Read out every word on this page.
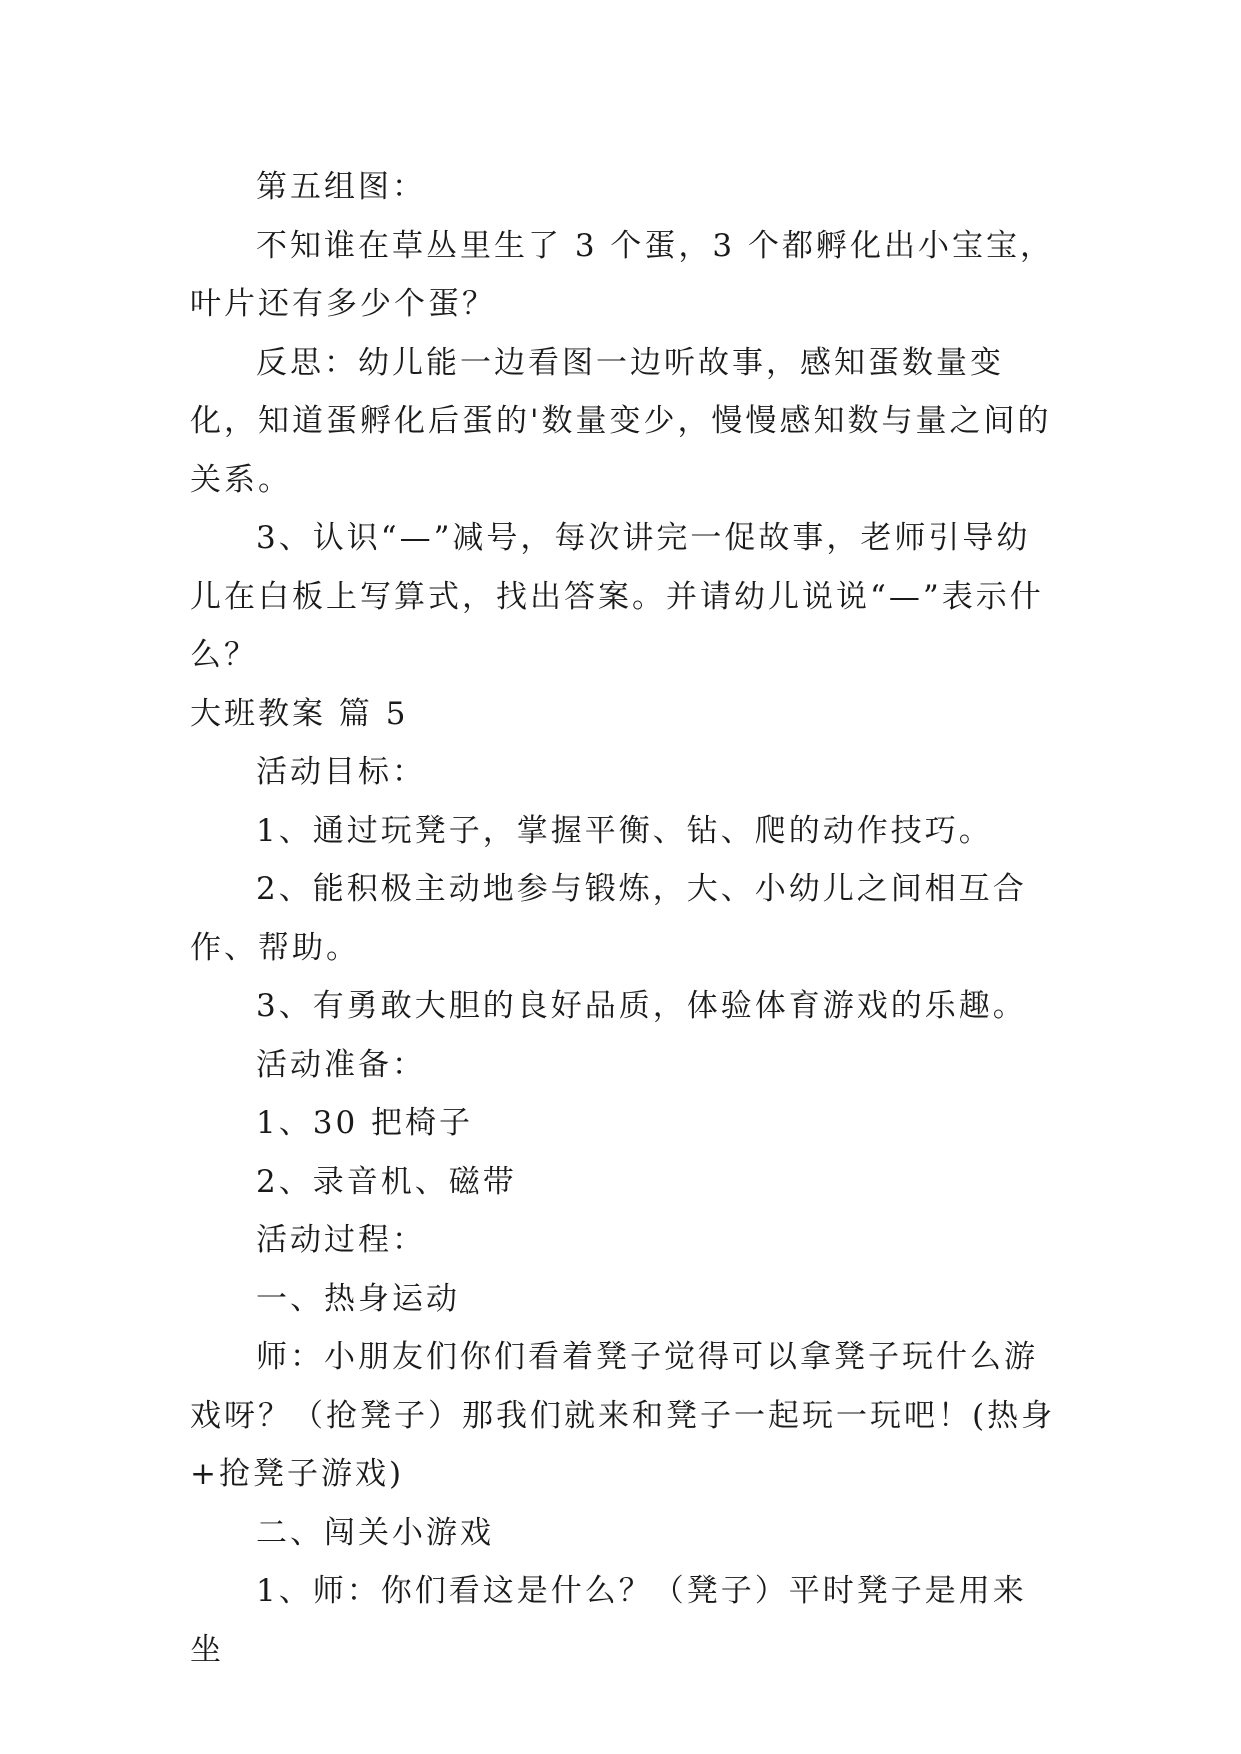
第五组图：

不知谁在草丛里生了 3 个蛋，3 个都孵化出小宝宝，叶片还有多少个蛋？

反思：幼儿能一边看图一边听故事，感知蛋数量变化，知道蛋孵化后蛋的'数量变少，慢慢感知数与量之间的关系。

3、认识“—”减号，每次讲完一促故事，老师引导幼儿在白板上写算式，找出答案。并请幼儿说说“—”表示什么？

大班教案 篇 5

活动目标：

1、通过玩凳子，掌握平衡、钻、爬的动作技巧。

2、能积极主动地参与锻炼，大、小幼儿之间相互合作、帮助。

3、有勇敢大胆的良好品质，体验体育游戏的乐趣。

活动准备：

1、30 把椅子

2、录音机、磁带

活动过程：

一、热身运动

师：小朋友们你们看着凳子觉得可以拿凳子玩什么游戏呀？（抢凳子）那我们就来和凳子一起玩一玩吧！(热身+抢凳子游戏)

二、闯关小游戏

1、师：你们看这是什么？（凳子）平时凳子是用来坐
